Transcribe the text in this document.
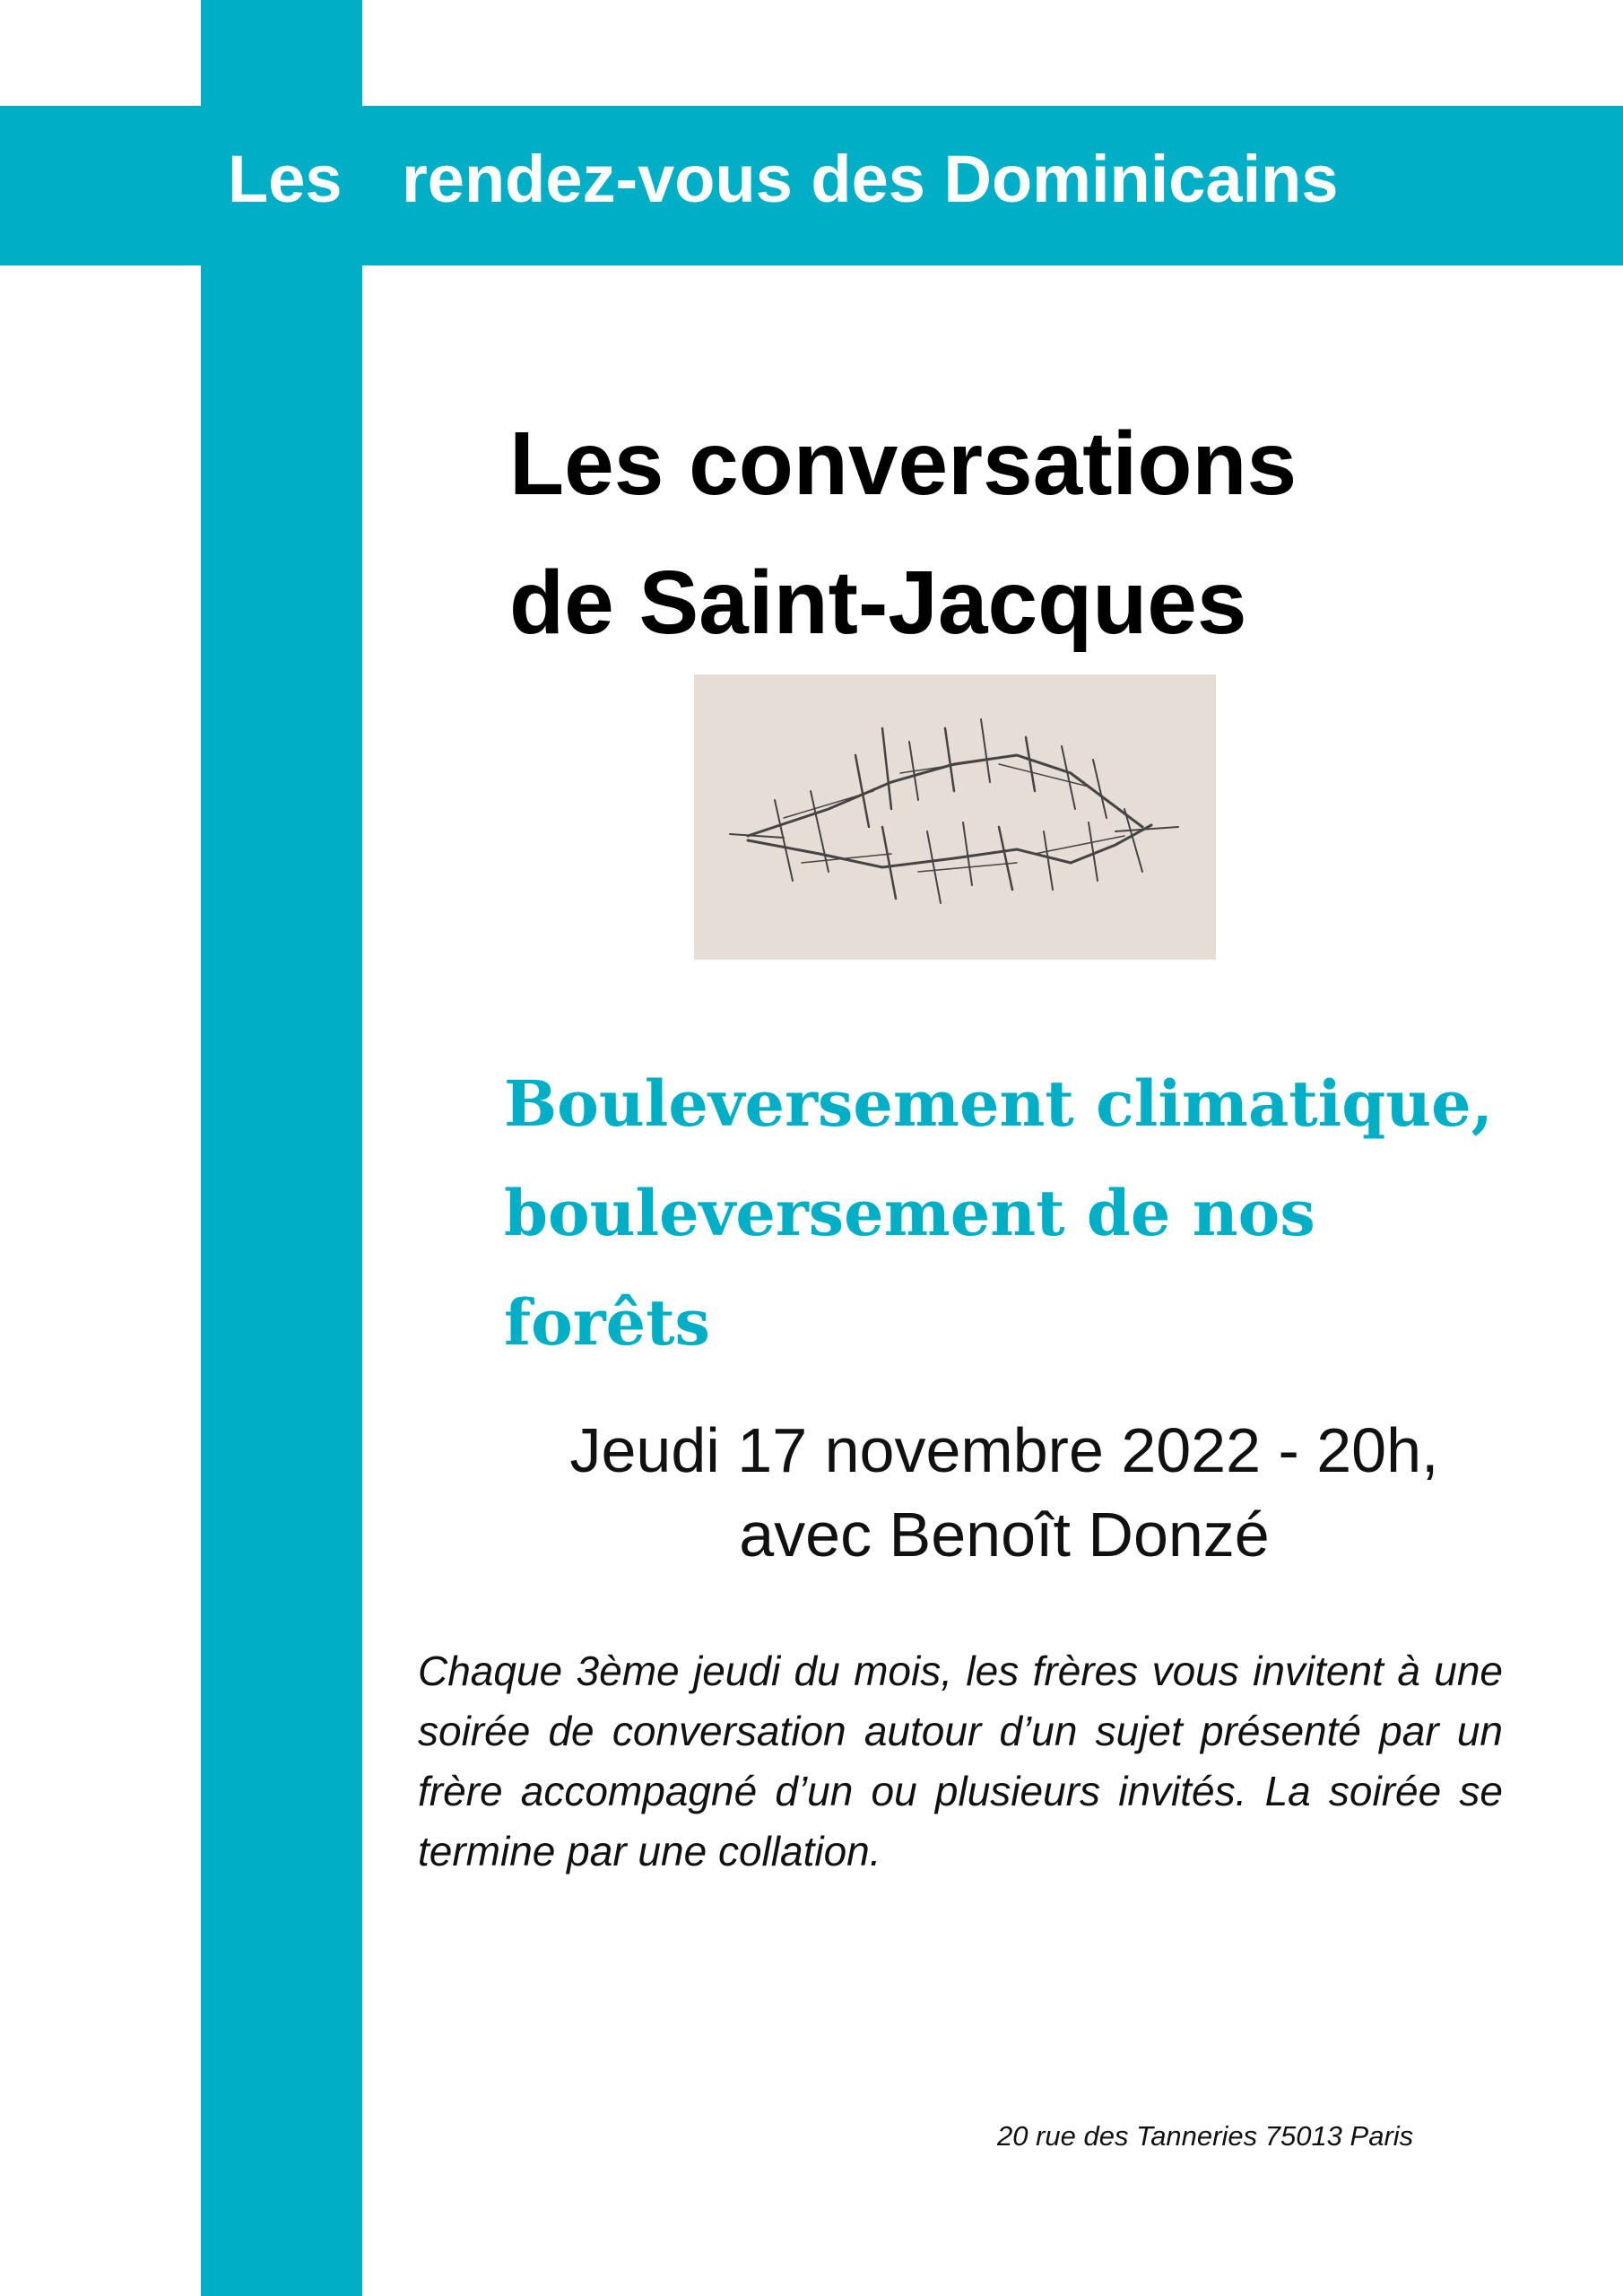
Les rendez-vous des Dominicains
Les conversations
de Saint-Jacques
Bouleversement climatique,
bouleversement de nos
forêts
Jeudi 17 novembre 2022 - 20h,
avec Benoît Donzé

Chaque 3ème jeudi du mois, les frères vous invitent à une soirée de conversation autour d’un sujet présenté par un frère accompagné d’un ou plusieurs invités. La soirée se termine par une collation.

20 rue des Tanneries 75013 Paris
